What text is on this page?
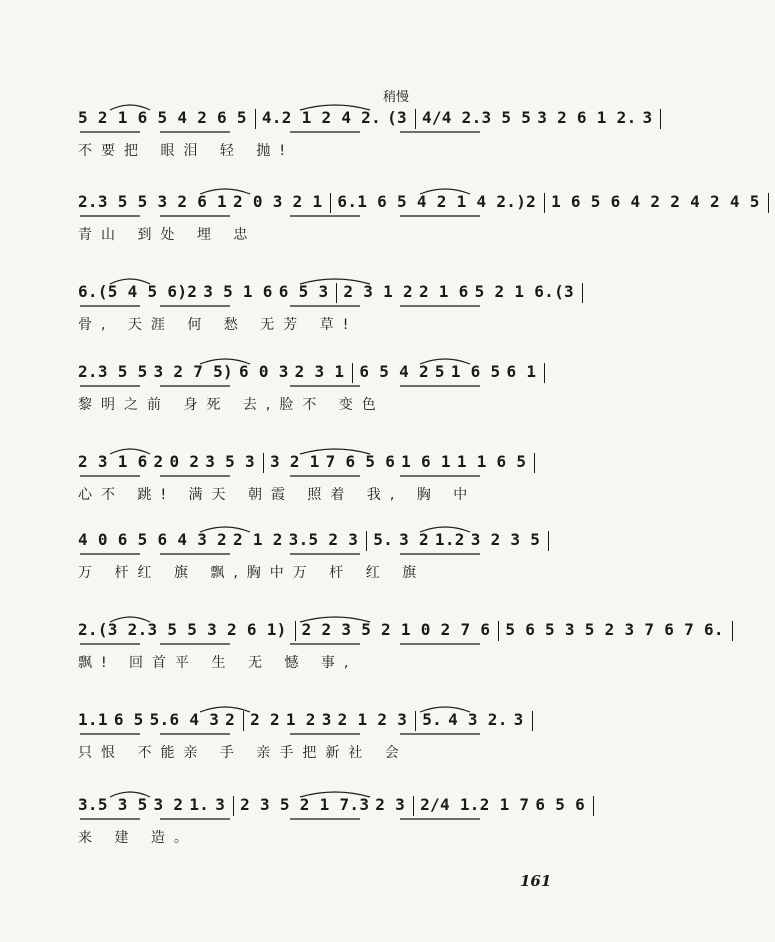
稍慢
5 2 1 6 5 4 2 6 5 4.2 1 2 4 2. (3 4/4 2.3 5 5 3 2 6 1 2. 3
不要把 眼泪 轻 抛!
2.3 5 5 3 2 6 1 2 0 3 2 1 6.1 6 5 4 2 1 4 2.)2 1 6 5 6 4 2 2 4 2 4 5
青山 到处 埋 忠
6.(5 4 5 6)2 3 5 1 6 6 5 3 2 3 1 2 2 1 6 5 2 1 6.(3
骨, 天涯 何 愁 无芳 草!
2.3 5 5 3 2 7 5) 6 0 3 2 3 1 6 5 4 2 5 1 6 5 6 1
黎明之前 身死 去,脸不 变色
2 3 1 6 2 0 2 3 5 3 3 2 1 7 6 5 6 1 6 1 1 1 6 5
心不 跳! 满天 朝霞 照着 我, 胸 中
4 0 6 5 6 4 3 2 2 1 2 3.5 2 3 5. 3 2 1.2 3 2 3 5
万 杆红 旗 飘,胸中万 杆 红 旗
2.(3 2.3 5 5 3 2 6 1) 2 2 3 5 2 1 0 2 7 6 5 6 5 3 5 2 3 7 6 7 6.
飘! 回首平 生 无 憾 事,
1.1 6 5 5.6 4 3 2 2 2 1 2 3 2 1 2 3 5. 4 3 2. 3
只恨 不能亲 手 亲手把新社 会
3.5 3 5 3 2 1. 3 2 3 5 2 1 7.3 2 3 2/4 1.2 1 7 6 5 6
来 建 造。
161
